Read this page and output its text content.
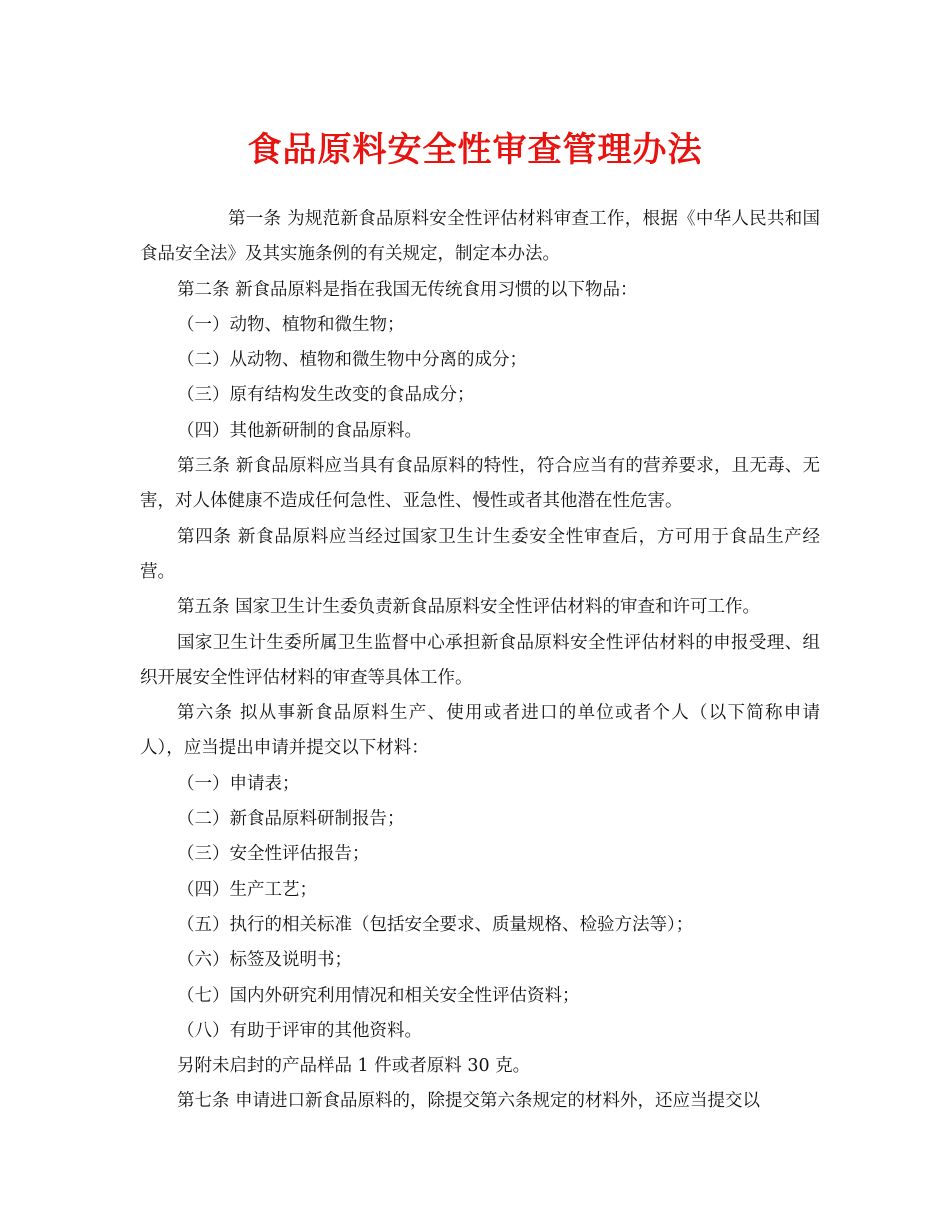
食品原料安全性审查管理办法

第一条 为规范新食品原料安全性评估材料审查工作，根据《中华人民共和国食品安全法》及其实施条例的有关规定，制定本办法。

第二条 新食品原料是指在我国无传统食用习惯的以下物品：

（一）动物、植物和微生物；

（二）从动物、植物和微生物中分离的成分；

（三）原有结构发生改变的食品成分；

（四）其他新研制的食品原料。

第三条 新食品原料应当具有食品原料的特性，符合应当有的营养要求，且无毒、无害，对人体健康不造成任何急性、亚急性、慢性或者其他潜在性危害。

第四条 新食品原料应当经过国家卫生计生委安全性审查后，方可用于食品生产经营。

第五条 国家卫生计生委负责新食品原料安全性评估材料的审查和许可工作。

国家卫生计生委所属卫生监督中心承担新食品原料安全性评估材料的申报受理、组织开展安全性评估材料的审查等具体工作。

第六条 拟从事新食品原料生产、使用或者进口的单位或者个人（以下简称申请人），应当提出申请并提交以下材料：

（一）申请表；

（二）新食品原料研制报告；

（三）安全性评估报告；

（四）生产工艺；

（五）执行的相关标准（包括安全要求、质量规格、检验方法等）；

（六）标签及说明书；

（七）国内外研究利用情况和相关安全性评估资料；

（八）有助于评审的其他资料。

另附未启封的产品样品 1 件或者原料 30 克。

第七条 申请进口新食品原料的，除提交第六条规定的材料外，还应当提交以
